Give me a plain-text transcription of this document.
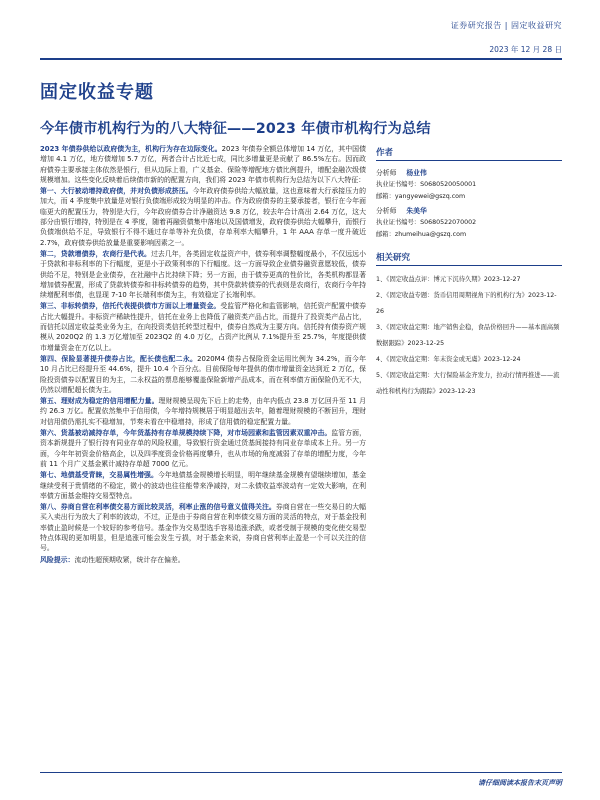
证券研究报告 | 固定收益研究
2023 年 12 月 28 日
固定收益专题
今年债市机构行为的八大特征——2023 年债市机构行为总结

2023 年债券供给以政府债为主，机构行为存在边际变化。2023 年债券全额总体增加 14 万亿，其中国债增加 4.1 万亿，地方债增加 5.7 万亿，两者合计占比近七成，同比多增量更是贡献了 86.5%左右。因而政府债券主要承接主体依然是银行，但从边际上看，广义基金、保险等增配地方债比例提升，增配金融次级债规模增加。这些变化反映着后续债市新的的配置方向，我们将 2023 年债市机构行为总结为以下八大特征：

第一、大行被动增持政府债，并对负债形成挤压。今年政府债券供给大幅放量，这也意味着大行承接压力的加大，而 4 季度集中放量是对银行负债端形成较为明显的冲击。作为政府债券的主要承接者，银行在今年面临更大的配置压力，特别是大行，今年政府债券合计净融资达 9.8 万亿，较去年合计高出 2.64 万亿，这大部分由银行增持，特别是在 4 季度，随着再融资债集中落地以及国债增发，政府债券供给大幅攀升，而银行负债端供给不足，导致银行不得不通过存单等补充负债，存单利率大幅攀升，1 年 AAA 存单一度升破近 2.7%，政府债券供给放量是重要影响因素之一。

第二，贷款增债券，农商行是代表。过去几年，各类固定收益资产中，债券利率调整幅度最小，不仅远远小于贷款和非标利率的下行幅度，更是小于政策利率的下行幅度。这一方面导致企业债券融资意愿较低，债券供给不足，特别是企业债券，在社融中占比持续下降；另一方面，由于债券更高的性价比，各类机构都显著增加债券配置，形成了贷款转债券和非标转债券的趋势，其中贷款转债券的代表则是农商行，农商行今年持续增配利率债，也显现 7-10 年长端利率债为主，有效稳定了长端利率。

第三、非标转债券，信托代表提供债市方面以上增量资金。受监管严格化和监管影响，信托资产配置中债券占比大幅提升。非标资产稀缺性提升，信托在业务上也降低了融资类产品占比，而提升了投资类产品占比，而信托以固定收益类业务为主，在向投资类信托转型过程中，债券自然成为主要方向。信托持有债券资产规模从 2020Q2 的 1.3 万亿增加至 2023Q2 的 4.0 万亿，占资产比例从 7.1%提升至 25.7%，年度提供债市增量资金在万亿以上。

第四、保险显著提升债券占比，配长债也配二永。2020M4 债券占保险资金运用比例为 34.2%，而今年 10 月占比已经提升至 44.6%，提升 10.4 个百分点。目前保险每年提供的债市增量资金达到近 2 万亿，保险投资债券以配置目的为主，二永权益的票息能够覆盖保险新增产品成本，而在利率债方面保险仍无不大，仍然以增配超长债为主。

第五、理财成为稳定的信用增配力量。理财规模呈现先下后上的走势，由年内低点 23.8 万亿回升至 11 月约 26.3 万亿。配置依然集中于信用债，今年增持规模居于明显超出去年，随着理财规模的不断回升，理财对信用债仍需扎实不稳增加，节奏未看在中稳增持，形成了信用债的稳定配置力量。

第六、货基被动减持存单，今年货基持有存单规模持续下降，对市场园素和监管因素双重冲击。监管方面，资本新规提升了银行持有同业存单的风险权重，导致银行资金通过货基间接持有同业存单成本上升。另一方面，今年年初资金价格高企，以及四季度资金价格再度攀升，也从市场的角度减弱了存单的增配力度，今年前 11 个月广义基金累计减持存单超 7000 亿元。

第七、地债基受青睐，交易属性增强。今年地债基金规模增长明显，明年继续基金规模有望继续增加，基金继续受利于贵情绪的不稳定，微小的波动也往往能带来净减持，对二永债收益率波动有一定效大影响，在利率债方面基金维持交易型特点。

第八、券商自营在利率债交易方面比较灵活，利率止涨的信号意义值得关注。券商自营在一些交易日的大幅买入卖出行为放大了利率的波动，不过，正是由于券商自营在利率债交易方面的灵活的特点，对于基金投利率债止盈时候是一个较好的参考信号。基金作为交易型选手容易追涨杀跌，或者受制于规模的变化使交易型特点体现的更加明显，但是追涨可能会发生亏损，对于基金来说，券商自营利率止盈是一个可以关注的信号。

风险提示：流动性超预期收紧，统计存在偏差。

作者
分析师 杨业伟
执业证书编号：S0680520050001
邮箱：yangyewei@gszq.com
分析师 朱美华
执业证书编号：S0680522070002
邮箱：zhumeihua@gszq.com
相关研究
1、《固定收益点评：博元下沉待久期》2023-12-27
2、《固定收益专题：货币信用周期视角下的机构行为》2023-12-26
3、《固定收益定期：地产销售企稳，食品价格回升——基本面高频数据跟踪》2023-12-25
4、《固定收益定期：年末资金或无虞》2023-12-24
5、《固定收益定期：大行保险基金齐发力，拉动行情再推进——流动性和机构行为跟踪》2023-12-23
请仔细阅读本报告末页声明
